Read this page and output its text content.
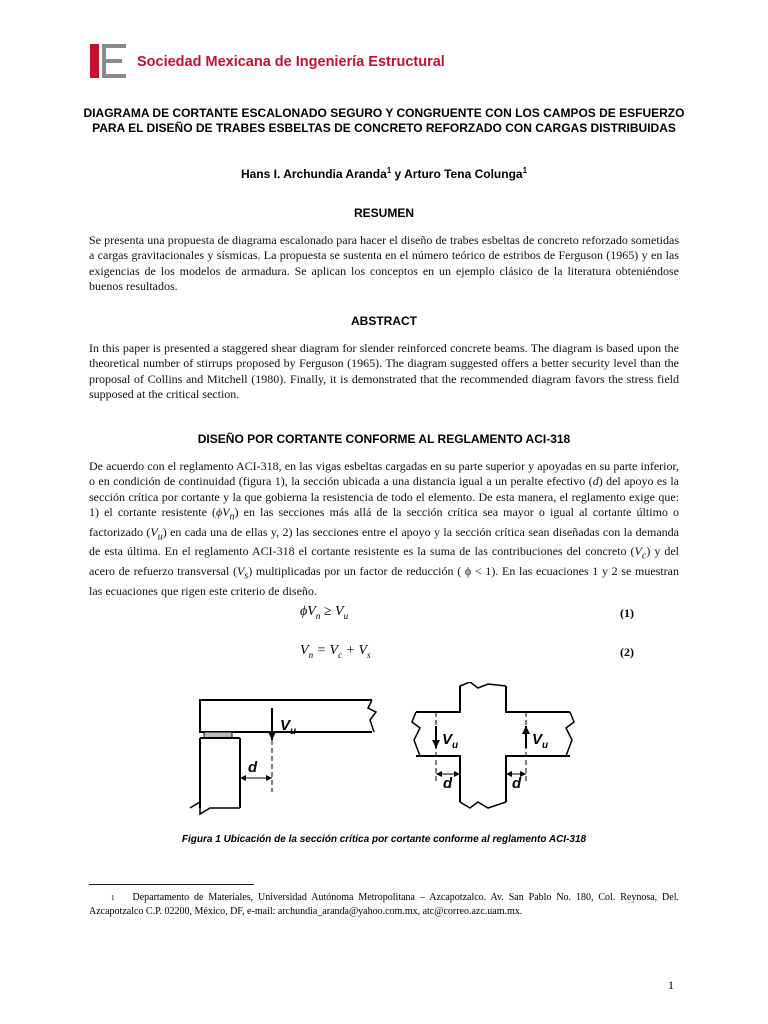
Sociedad Mexicana de Ingeniería Estructural
DIAGRAMA DE CORTANTE ESCALONADO SEGURO Y CONGRUENTE CON LOS CAMPOS DE ESFUERZO PARA EL DISEÑO DE TRABES ESBELTAS DE CONCRETO REFORZADO CON CARGAS DISTRIBUIDAS
Hans I. Archundia Aranda$^1$ y Arturo Tena Colunga$^1$
RESUMEN

Se presenta una propuesta de diagrama escalonado para hacer el diseño de trabes esbeltas de concreto reforzado sometidas a cargas gravitacionales y sísmicas. La propuesta se sustenta en el número teórico de estribos de Ferguson (1965) y en las exigencias de los modelos de armadura. Se aplican los conceptos en un ejemplo clásico de la literatura obteniéndose buenos resultados.

ABSTRACT

In this paper is presented a staggered shear diagram for slender reinforced concrete beams. The diagram is based upon the theoretical number of stirrups proposed by Ferguson (1965). The diagram suggested offers a better security level than the proposal of Collins and Mitchell (1980). Finally, it is demonstrated that the recommended diagram favors the stress field supposed at the critical section.

DISEÑO POR CORTANTE CONFORME AL REGLAMENTO ACI-318

De acuerdo con el reglamento ACI-318, en las vigas esbeltas cargadas en su parte superior y apoyadas en su parte inferior, o en condición de continuidad (figura 1), la sección ubicada a una distancia igual a un peralte efectivo (d) del apoyo es la sección crítica por cortante y la que gobierna la resistencia de todo el elemento. De esta manera, el reglamento exige que: 1) el cortante resistente $(\phi V_n)$ en las secciones más allá de la sección crítica sea mayor o igual al cortante último o factorizado $(V_u)$ en cada una de ellas y, 2) las secciones entre el apoyo y la sección crítica sean diseñadas con la demanda de esta última. En el reglamento ACI-318 el cortante resistente es la suma de las contribuciones del concreto $(V_c)$ y del acero de refuerzo transversal $(V_s)$ multiplicadas por un factor de reducción ( ϕ < 1). En las ecuaciones 1 y 2 se muestran las ecuaciones que rigen este criterio de diseño.

$\phi V_n \ge V_u$	(1)
$V_n = V_c + V_s$	(2)
$V_u$
d
$V_u$	$V_u$
d	d
Figura 1 Ubicación de la sección crítica por cortante conforme al reglamento ACI-318
$^1$ Departamento de Materiales, Universidad Autónoma Metropolitana – Azcapotzalco. Av. San Pablo No. 180, Col. Reynosa, Del. Azcapotzalco C.P. 02200, México, DF, e-mail: archundia_aranda@yahoo.com.mx, atc@correo.azc.uam.mx.
1
